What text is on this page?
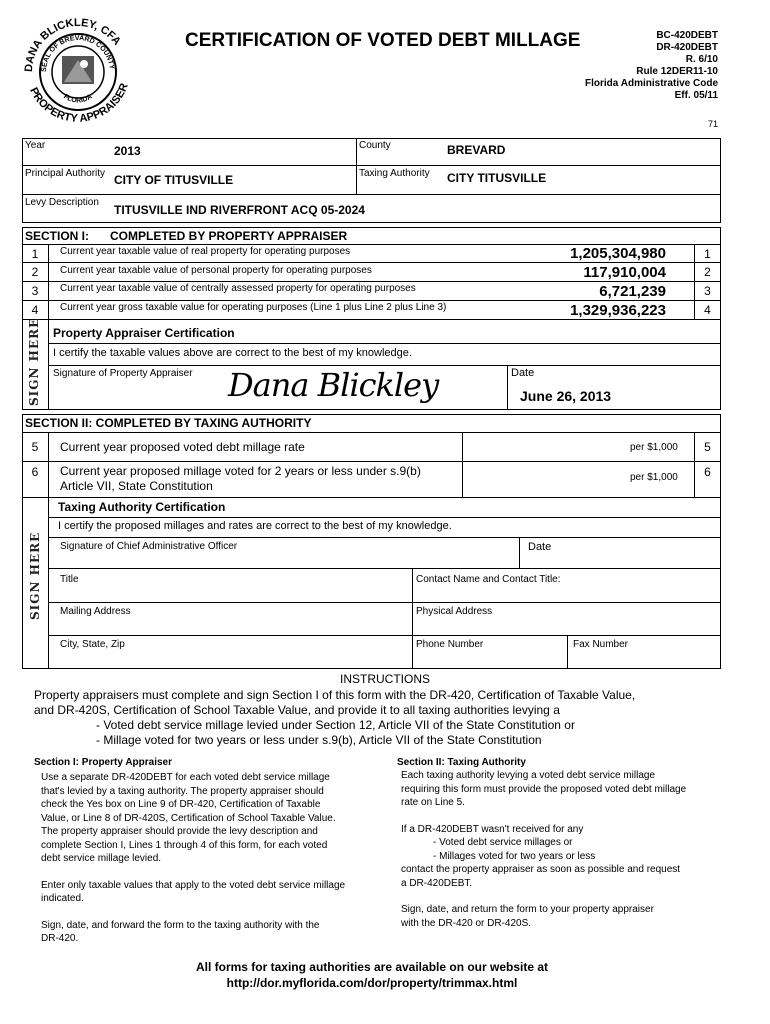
DANA BLICKLEY, CFA
SEAL OF BREVARD COUNTY
FLORIDA
PROPERTY APPRAISER
CERTIFICATION OF VOTED DEBT MILLAGE	BC-420DEBT
DR-420DEBT
R. 6/10
Rule 12DER11-10
Florida Administrative Code
Eff. 05/11
71
Year	2013	County	BREVARD
Principal Authority CITY OF TITUSVILLE	Taxing Authority CITY TITUSVILLE
Levy Description
TITUSVILLE IND RIVERFRONT ACQ 05-2024
SECTION I: COMPLETED BY PROPERTY APPRAISER
1	Current year taxable value of real property for operating purposes	1,205,304,980	1
2	Current year taxable value of personal property for operating purposes	117,910,004	2
3	Current year taxable value of centrally assessed property for operating purposes	6,721,239	3
4	Current year gross taxable value for operating purposes (Line 1 plus Line 2 plus Line 3)	1,329,936,223	4
SIGN HERE Property Appraiser Certification
I certify the taxable values above are correct to the best of my knowledge.
Signature of Property Appraiser Dana Blickley	Date
June 26, 2013
SECTION II: COMPLETED BY TAXING AUTHORITY
5	Current year proposed voted debt millage rate	per $1,000	5
6	Current year proposed millage voted for 2 years or less under s.9(b)
Article VII, State Constitution
per $1,000	6
SIGN HERE
Taxing Authority Certification
I certify the proposed millages and rates are correct to the best of my knowledge.
Signature of Chief Administrative Officer	Date
Title	Contact Name and Contact Title:
Mailing Address	Physical Address
City, State, Zip	Phone Number	Fax Number
INSTRUCTIONS
Property appraisers must complete and sign Section I of this form with the DR-420, Certification of Taxable Value,
and DR-420S, Certification of School Taxable Value, and provide it to all taxing authorities levying a
- Voted debt service millage levied under Section 12, Article VII of the State Constitution or
- Millage voted for two years or less under s.9(b), Article VII of the State Constitution
Section I: Property Appraiser
Use a separate DR-420DEBT for each voted debt service millage
that's levied by a taxing authority. The property appraiser should
check the Yes box on Line 9 of DR-420, Certification of Taxable
Value, or Line 8 of DR-420S, Certification of School Taxable Value.
The property appraiser should provide the levy description and
complete Section I, Lines 1 through 4 of this form, for each voted
debt service millage levied.
Enter only taxable values that apply to the voted debt service millage
indicated.
Sign, date, and forward the form to the taxing authority with the
DR-420.
Section II: Taxing Authority
Each taxing authority levying a voted debt service millage
requiring this form must provide the proposed voted debt millage
rate on Line 5.
If a DR-420DEBT wasn't received for any
- Voted debt service millages or
- Millages voted for two years or less
contact the property appraiser as soon as possible and request
a DR-420DEBT.
Sign, date, and return the form to your property appraiser
with the DR-420 or DR-420S.
All forms for taxing authorities are available on our website at
http://dor.myflorida.com/dor/property/trimmax.html
